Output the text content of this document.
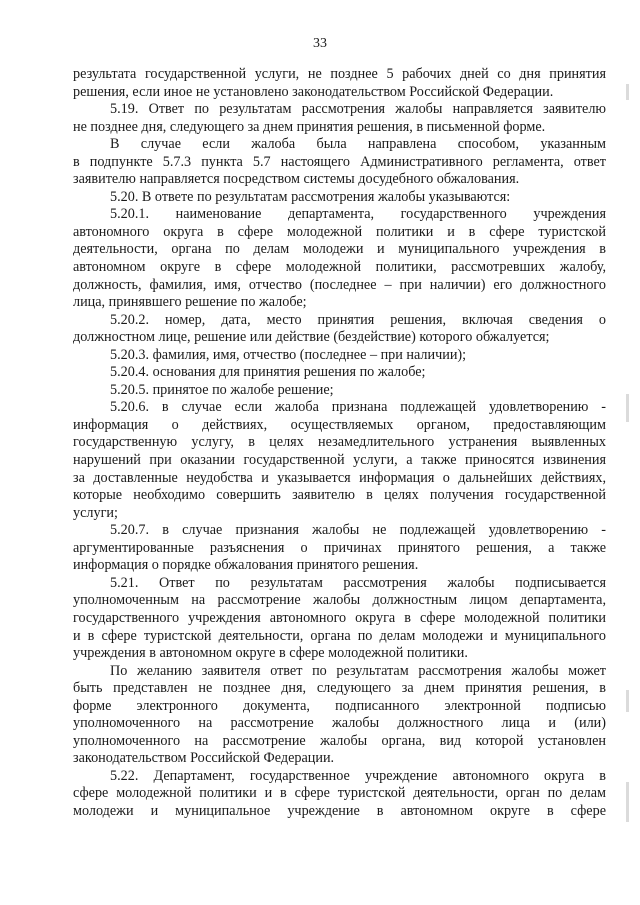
33

результата государственной услуги, не позднее 5 рабочих дней со дня принятия

решения, если иное не установлено законодательством Российской Федерации.

5.19. Ответ по результатам рассмотрения жалобы направляется заявителю

не позднее дня, следующего за днем принятия решения, в письменной форме.

В случае если жалоба была направлена способом, указанным

в подпункте 5.7.3 пункта 5.7 настоящего Административного регламента, ответ

заявителю направляется посредством системы досудебного обжалования.

5.20. В ответе по результатам рассмотрения жалобы указываются:

5.20.1. наименование департамента, государственного учреждения

автономного округа в сфере молодежной политики и в сфере туристской

деятельности, органа по делам молодежи и муниципального учреждения в

автономном округе в сфере молодежной политики, рассмотревших жалобу,

должность, фамилия, имя, отчество (последнее – при наличии) его должностного

лица, принявшего решение по жалобе;

5.20.2. номер, дата, место принятия решения, включая сведения о

должностном лице, решение или действие (бездействие) которого обжалуется;

5.20.3. фамилия, имя, отчество (последнее – при наличии);

5.20.4. основания для принятия решения по жалобе;

5.20.5. принятое по жалобе решение;

5.20.6. в случае если жалоба признана подлежащей удовлетворению -

информация о действиях, осуществляемых органом, предоставляющим

государственную услугу, в целях незамедлительного устранения выявленных

нарушений при оказании государственной услуги, а также приносятся извинения

за доставленные неудобства и указывается информация о дальнейших действиях,

которые необходимо совершить заявителю в целях получения государственной

услуги;

5.20.7. в случае признания жалобы не подлежащей удовлетворению -

аргументированные разъяснения о причинах принятого решения, а также

информация о порядке обжалования принятого решения.

5.21. Ответ по результатам рассмотрения жалобы подписывается

уполномоченным на рассмотрение жалобы должностным лицом департамента,

государственного учреждения автономного округа в сфере молодежной политики

и в сфере туристской деятельности, органа по делам молодежи и муниципального

учреждения в автономном округе в сфере молодежной политики.

По желанию заявителя ответ по результатам рассмотрения жалобы может

быть представлен не позднее дня, следующего за днем принятия решения, в

форме электронного документа, подписанного электронной подписью

уполномоченного на рассмотрение жалобы должностного лица и (или)

уполномоченного на рассмотрение жалобы органа, вид которой установлен

законодательством Российской Федерации.

5.22. Департамент, государственное учреждение автономного округа в

сфере молодежной политики и в сфере туристской деятельности, орган по делам

молодежи и муниципальное учреждение в автономном округе в сфере
